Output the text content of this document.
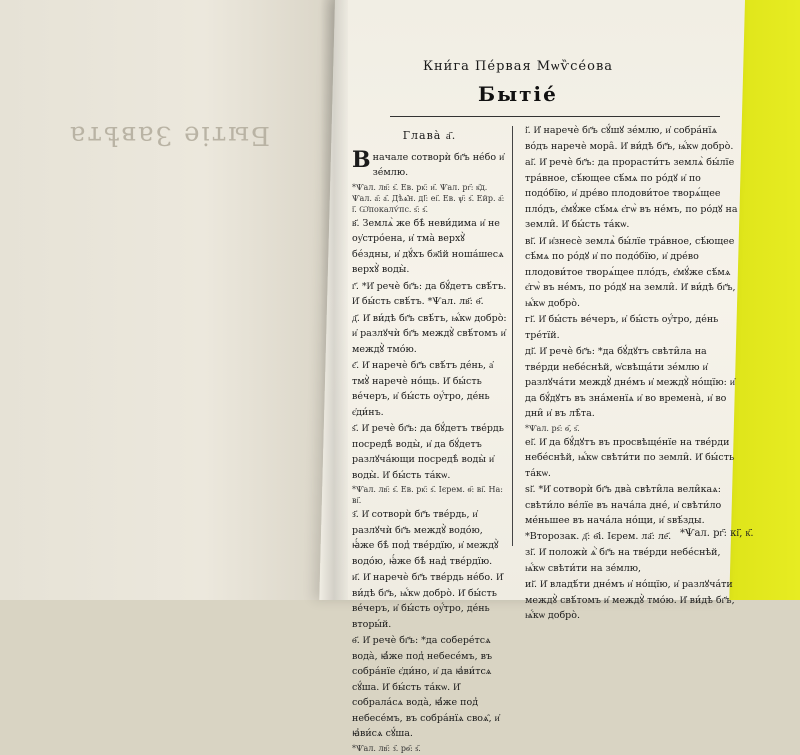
Бытіе Завѣта
Кни́га Пе́рвая Мѡѷсе́ова
Бытіе́
Глава̀ а҃.

В начале сотворѝ бг҃ъ не́бо и҆ зе́млю.

*Ѱал. лв҃: ѕ҃. Ев. рк҃: и҃. Ѱал. рг҃: к҃д. Ѱал. а҃: а҃. Дѣѧ̑н. дӏ҃: еі҃. Ев. ѱ҃: ѕ҃. Ейр. а҃: ї҃. Ѡ҆покалѵ́пс. ѕ҃: ѕ҃.

в҃. Землѧ̀ же бѣ̀ неви́дима и҆ не оу҆стро́ена, и҆ тма̀ верхꙋ̀ бе́здны, и҆ дꙋ́хъ бж҃ій ноша́шесѧ верхꙋ̀ воды̀.

г҃. *И҆ речѐ бг҃ъ: да бꙋ́детъ свѣ́тъ. И҆ бы́сть свѣ́тъ. *Ѱал. лв҃: ѳ҃.

д҃. И҆ ви́дѣ бг҃ъ свѣ́тъ, ѩ҆́кѡ добро̀: и҆ разлꙋчѝ бг҃ъ междꙋ̀ свѣ́томъ и҆ междꙋ̀ тмо́ю.

є҃. И҆ наречѐ бг҃ъ свѣ́тъ де́нь, а҆ тмꙋ̀ наречѐ но́щь. И҆ бы́сть ве́черъ, и҆ бы́сть оу҆́тро, де́нь є҆ди́нъ.

ѕ҃. И҆ речѐ бг҃ъ: да бꙋ́детъ тве́рдь посредѣ̀ воды̀, и҆ да бꙋ́детъ разлꙋча́ющи посредѣ̀ воды̀ и҆ воды̀. И҆ бы́сть та́кѡ.

*Ѱал. лв҃: ѕ҃. Ев. рк҃: ѕ҃. Ієрем. ѳ҃: ві҃. На: ві҃.

з҃. И҆ сотворѝ бг҃ъ тве́рдь, и҆ разлꙋчѝ бг҃ъ междꙋ̀ водо́ю, ꙗ҆́же бѣ̀ под̾ тве́рдїю, и҆ междꙋ̀ водо́ю, ꙗ҆́же бѣ̀ над̾ тве́рдїю.

и҃. И҆ наречѐ бг҃ъ тве́рдь не́бо. И҆ ви́дѣ бг҃ъ, ѩ҆́кѡ добро̀. И҆ бы́сть ве́черъ, и҆ бы́сть оу҆́тро, де́нь вторы́й.

ѳ҃. И҆ речѐ бг҃ъ: *да собере́тсѧ вода̀, ꙗ҆́же под̾ небесе́мъ, въ собра́нїе є҆ди́но, и҆ да ꙗ҆ви́тсѧ сꙋ́ша. И҆ бы́сть та́кѡ. И҆ собрала́сѧ вода̀, ꙗ҆́же под̾ небесе́мъ, въ собра́нїѧ своѧ̑, и҆ ꙗ҆ви́сѧ сꙋ́ша.

*Ѱал. лв҃: з҃. рѳ҃: ѕ҃.

і҃. И҆ наречѐ бг҃ъ сꙋ́шꙋ зе́млю, и҆ собра́нїѧ во́дъ наречѐ мора̑. И҆ ви́дѣ бг҃ъ, ѩ҆́кѡ добро̀.

аі҃. И҆ речѐ бг҃ъ: да прорасти́тъ землѧ̀ бы́лїе тра́вное, сѣ́ющее сѣ́мѧ по ро́дꙋ и҆ по подо́бїю, и҆ дре́во плодови́тое творѧ́щее пло́дъ, є҆мꙋ́же сѣ́мѧ є҆гѡ̀ въ не́мъ, по ро́дꙋ на земли̑. И҆ бы́сть та́кѡ.

ві҃. И҆ и҆знесѐ землѧ̀ бы́лїе тра́вное, сѣ́ющее сѣ́мѧ по ро́дꙋ и҆ по подо́бїю, и҆ дре́во плодови́тое творѧ́щее пло́дъ, є҆мꙋ́же сѣ́мѧ є҆гѡ̀ въ не́мъ, по ро́дꙋ на земли̑. И҆ ви́дѣ бг҃ъ, ѩ҆́кѡ добро̀.

гі҃. И҆ бы́сть ве́черъ, и҆ бы́сть оу҆́тро, де́нь тре́тїй.

ді҃. И҆ речѐ бг҃ъ: *да бꙋ́дꙋтъ свѣти̑ла на тве́рди небе́снѣй, ѡ҆свѣща́ти зе́млю и҆ разлꙋча́ти междꙋ̀ дне́мъ и҆ междꙋ̀ но́щїю: и҆ да бꙋ́дꙋтъ въ зна́менїѧ и҆ во времена̀, и҆ во дни̑ и҆ въ лѣ̑та.

*Ѱал. рѕ҃: ѳ҃, ѕ҃.

еі҃. И҆ да бꙋ́дꙋтъ въ просвѣще́нїе на тве́рди небе́снѣй, ѩ҆́кѡ свѣти́ти по земли̑. И҆ бы́сть та́кѡ.

ѕі҃. *И҆ сотворѝ бг҃ъ два̀ свѣти̑ла вели̑каѧ: свѣти́ло ве́лїе въ нача́ла дне́, и҆ свѣти́ло ме́ньшее въ нача́ла но́щи, и҆ ѕвѣ́зды. *Второзак. д҃: ѳ҃і. Ієрем. ла҃: ле҃.

зі҃. И҆ положѝ ѧ҆̀ бг҃ъ на тве́рди небе́снѣй, ѩ҆́кѡ свѣти́ти на зе́млю,

иі҃. И҆ владѣ́ти дне́мъ и҆ но́щїю, и҆ разлꙋча́ти междꙋ̀ свѣ́томъ и҆ междꙋ̀ тмо́ю. И҆ ви́дѣ бг҃ъ, ѩ҆́кѡ добро̀.

*Ѱал. рг҃: кі҃, к҃.
